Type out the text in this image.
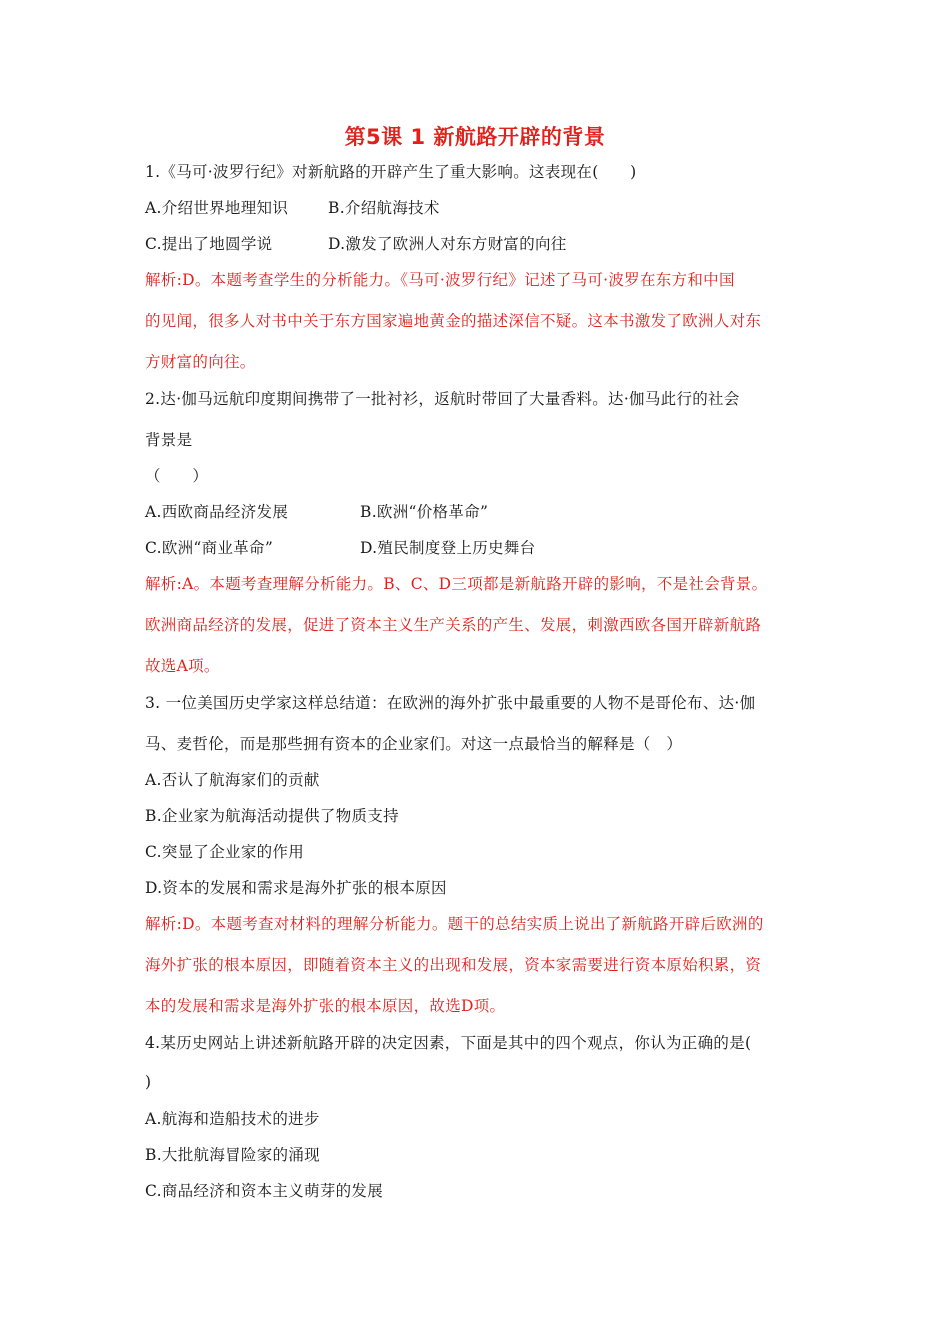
第5课 1 新航路开辟的背景
1.《马可·波罗行纪》对新航路的开辟产生了重大影响。这表现在(　　)
A.介绍世界地理知识	B.介绍航海技术
C.提出了地圆学说	D.激发了欧洲人对东方财富的向往
解析:D。本题考查学生的分析能力。《马可·波罗行纪》记述了马可·波罗在东方和中国
的见闻，很多人对书中关于东方国家遍地黄金的描述深信不疑。这本书激发了欧洲人对东
方财富的向往。
2.达·伽马远航印度期间携带了一批衬衫，返航时带回了大量香料。达·伽马此行的社会
背景是
（　　）
A.西欧商品经济发展	B.欧洲“价格革命”
C.欧洲“商业革命”	D.殖民制度登上历史舞台
解析:A。本题考查理解分析能力。B、C、D三项都是新航路开辟的影响，不是社会背景。
欧洲商品经济的发展，促进了资本主义生产关系的产生、发展，刺激西欧各国开辟新航路
故选A项。
3. 一位美国历史学家这样总结道：在欧洲的海外扩张中最重要的人物不是哥伦布、达·伽
马、麦哲伦，而是那些拥有资本的企业家们。对这一点最恰当的解释是（　）
A.否认了航海家们的贡献
B.企业家为航海活动提供了物质支持
C.突显了企业家的作用
D.资本的发展和需求是海外扩张的根本原因
解析:D。本题考查对材料的理解分析能力。题干的总结实质上说出了新航路开辟后欧洲的
海外扩张的根本原因，即随着资本主义的出现和发展，资本家需要进行资本原始积累，资
本的发展和需求是海外扩张的根本原因，故选D项。
4.某历史网站上讲述新航路开辟的决定因素，下面是其中的四个观点，你认为正确的是(
)
A.航海和造船技术的进步
B.大批航海冒险家的涌现
C.商品经济和资本主义萌芽的发展
